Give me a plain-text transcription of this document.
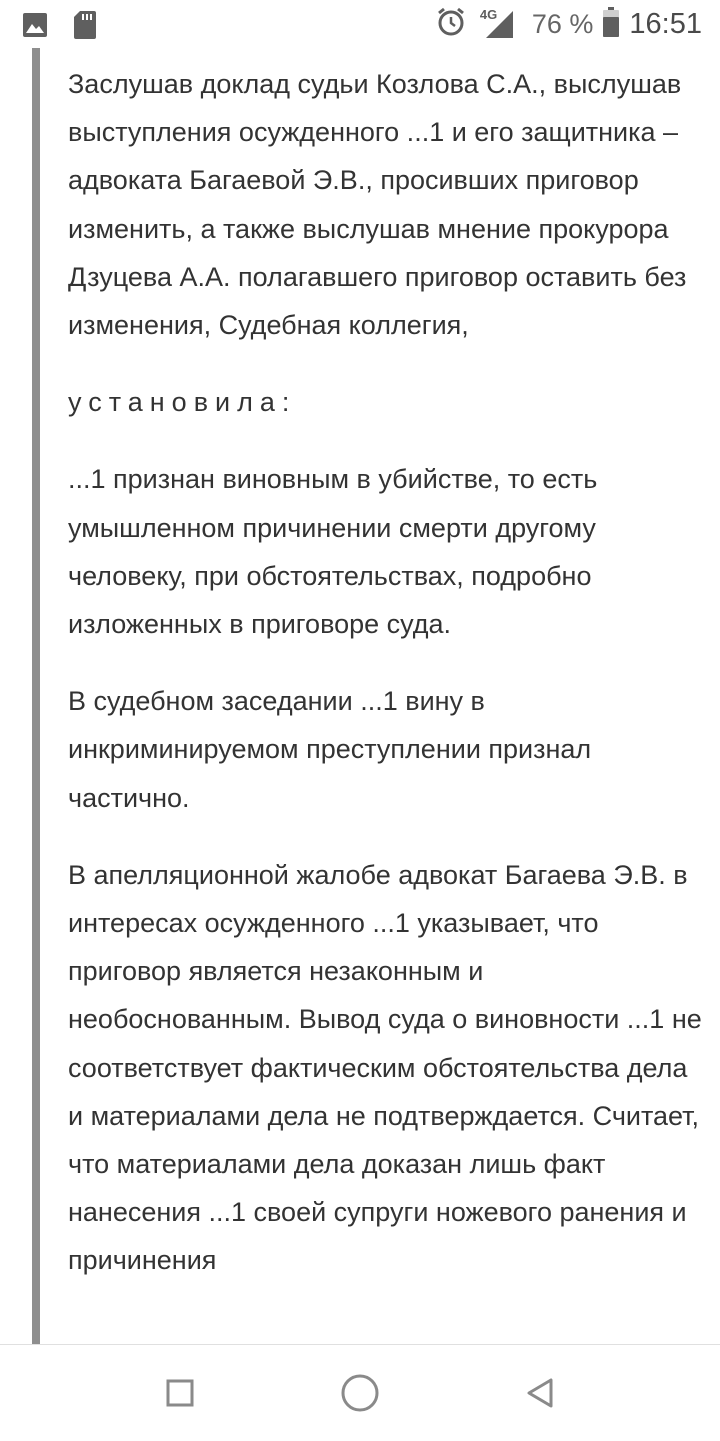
4G 76 % 16:51

Заслушав доклад судьи Козлова С.А., выслушав выступления осужденного ...1 и его защитника – адвоката Багаевой Э.В., просивших приговор изменить, а также выслушав мнение прокурора Дзуцева А.А. полагавшего приговор оставить без изменения, Судебная коллегия,

установила:

...1 признан виновным в убийстве, то есть умышленном причинении смерти другому человеку, при обстоятельствах, подробно изложенных в приговоре суда.

В судебном заседании ...1 вину в инкриминируемом преступлении признал частично.

В апелляционной жалобе адвокат Багаева Э.В. в интересах осужденного ...1 указывает, что приговор является незаконным и необоснованным. Вывод суда о виновности ...1 не соответствует фактическим обстоятельства дела и материалами дела не подтверждается. Считает, что материалами дела доказан лишь факт нанесения ...1 своей супруги ножевого ранения и причинения
